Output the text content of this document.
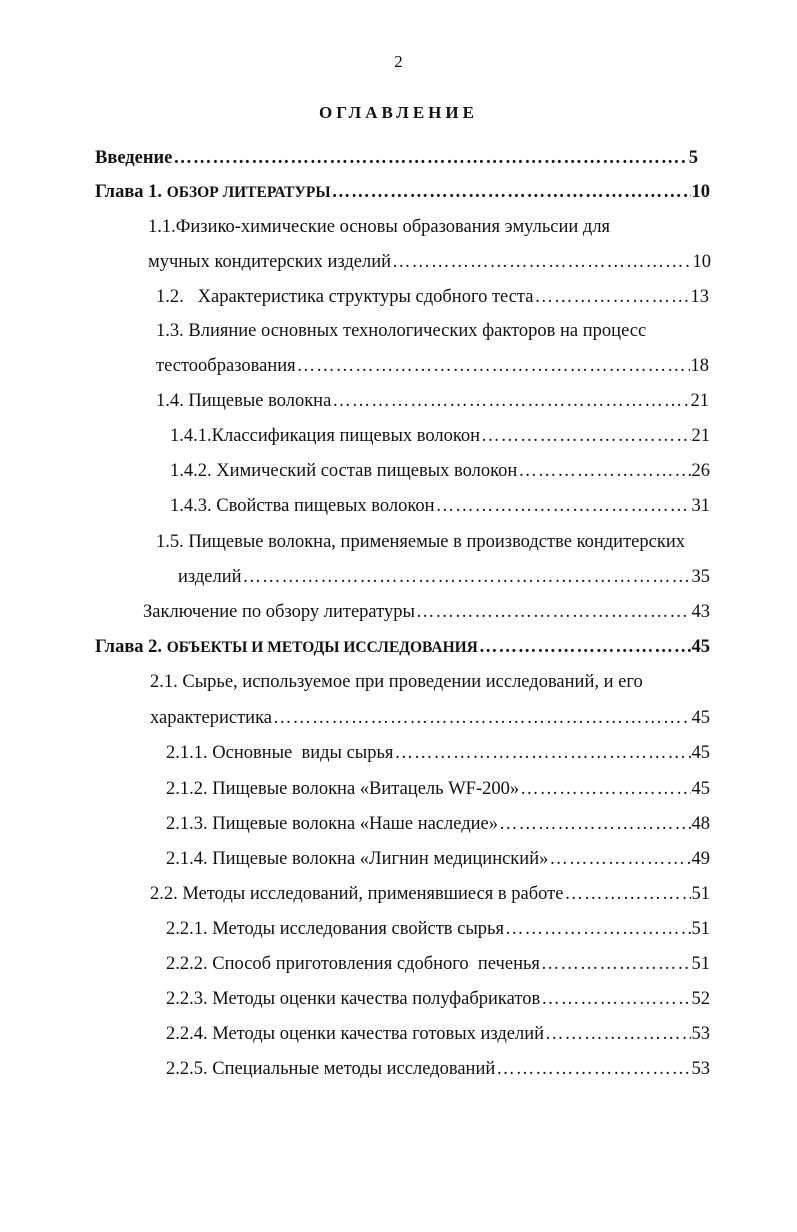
2
ОГЛАВЛЕНИЕ
Введение ……………………………………………………………………………………………………………………………………………………	5
Глава 1. ОБЗОР ЛИТЕРАТУРЫ ……………………………………………………………………………………………………………………………………………………	10
1.1.Физико-химические основы образования эмульсии для
мучных кондитерских изделий ……………………………………………………………………………………………………………………………………………………	10
1.2.   Характеристика структуры сдобного теста ……………………………………………………………………………………………………………………………………………………	13
1.3. Влияние основных технологических факторов на процесс
тестообразования ……………………………………………………………………………………………………………………………………………………	18
1.4. Пищевые волокна ……………………………………………………………………………………………………………………………………………………	21
1.4.1.Классификация пищевых волокон ……………………………………………………………………………………………………………………………………………………	21
1.4.2. Химический состав пищевых волокон ……………………………………………………………………………………………………………………………………………………	26
1.4.3. Свойства пищевых волокон ……………………………………………………………………………………………………………………………………………………	31
1.5. Пищевые волокна, применяемые в производстве кондитерских
изделий ……………………………………………………………………………………………………………………………………………………	35
Заключение по обзору литературы ……………………………………………………………………………………………………………………………………………………	43
Глава 2. ОБЪЕКТЫ И МЕТОДЫ ИССЛЕДОВАНИЯ ……………………………………………………………………………………………………………………………………………………	45
2.1. Сырье, используемое при проведении исследований, и его
характеристика ……………………………………………………………………………………………………………………………………………………	45
2.1.1. Основные  виды сырья ……………………………………………………………………………………………………………………………………………………	45
2.1.2. Пищевые волокна «Витацель WF-200» ……………………………………………………………………………………………………………………………………………………	45
2.1.3. Пищевые волокна «Наше наследие» ……………………………………………………………………………………………………………………………………………………	48
2.1.4. Пищевые волокна «Лигнин медицинский» ……………………………………………………………………………………………………………………………………………………	49
2.2. Методы исследований, применявшиеся в работе ……………………………………………………………………………………………………………………………………………………	51
2.2.1. Методы исследования свойств сырья ……………………………………………………………………………………………………………………………………………………	51
2.2.2. Способ приготовления сдобного  печенья ……………………………………………………………………………………………………………………………………………………	51
2.2.3. Методы оценки качества полуфабрикатов ……………………………………………………………………………………………………………………………………………………	52
2.2.4. Методы оценки качества готовых изделий ……………………………………………………………………………………………………………………………………………………	53
2.2.5. Специальные методы исследований ……………………………………………………………………………………………………………………………………………………	53
